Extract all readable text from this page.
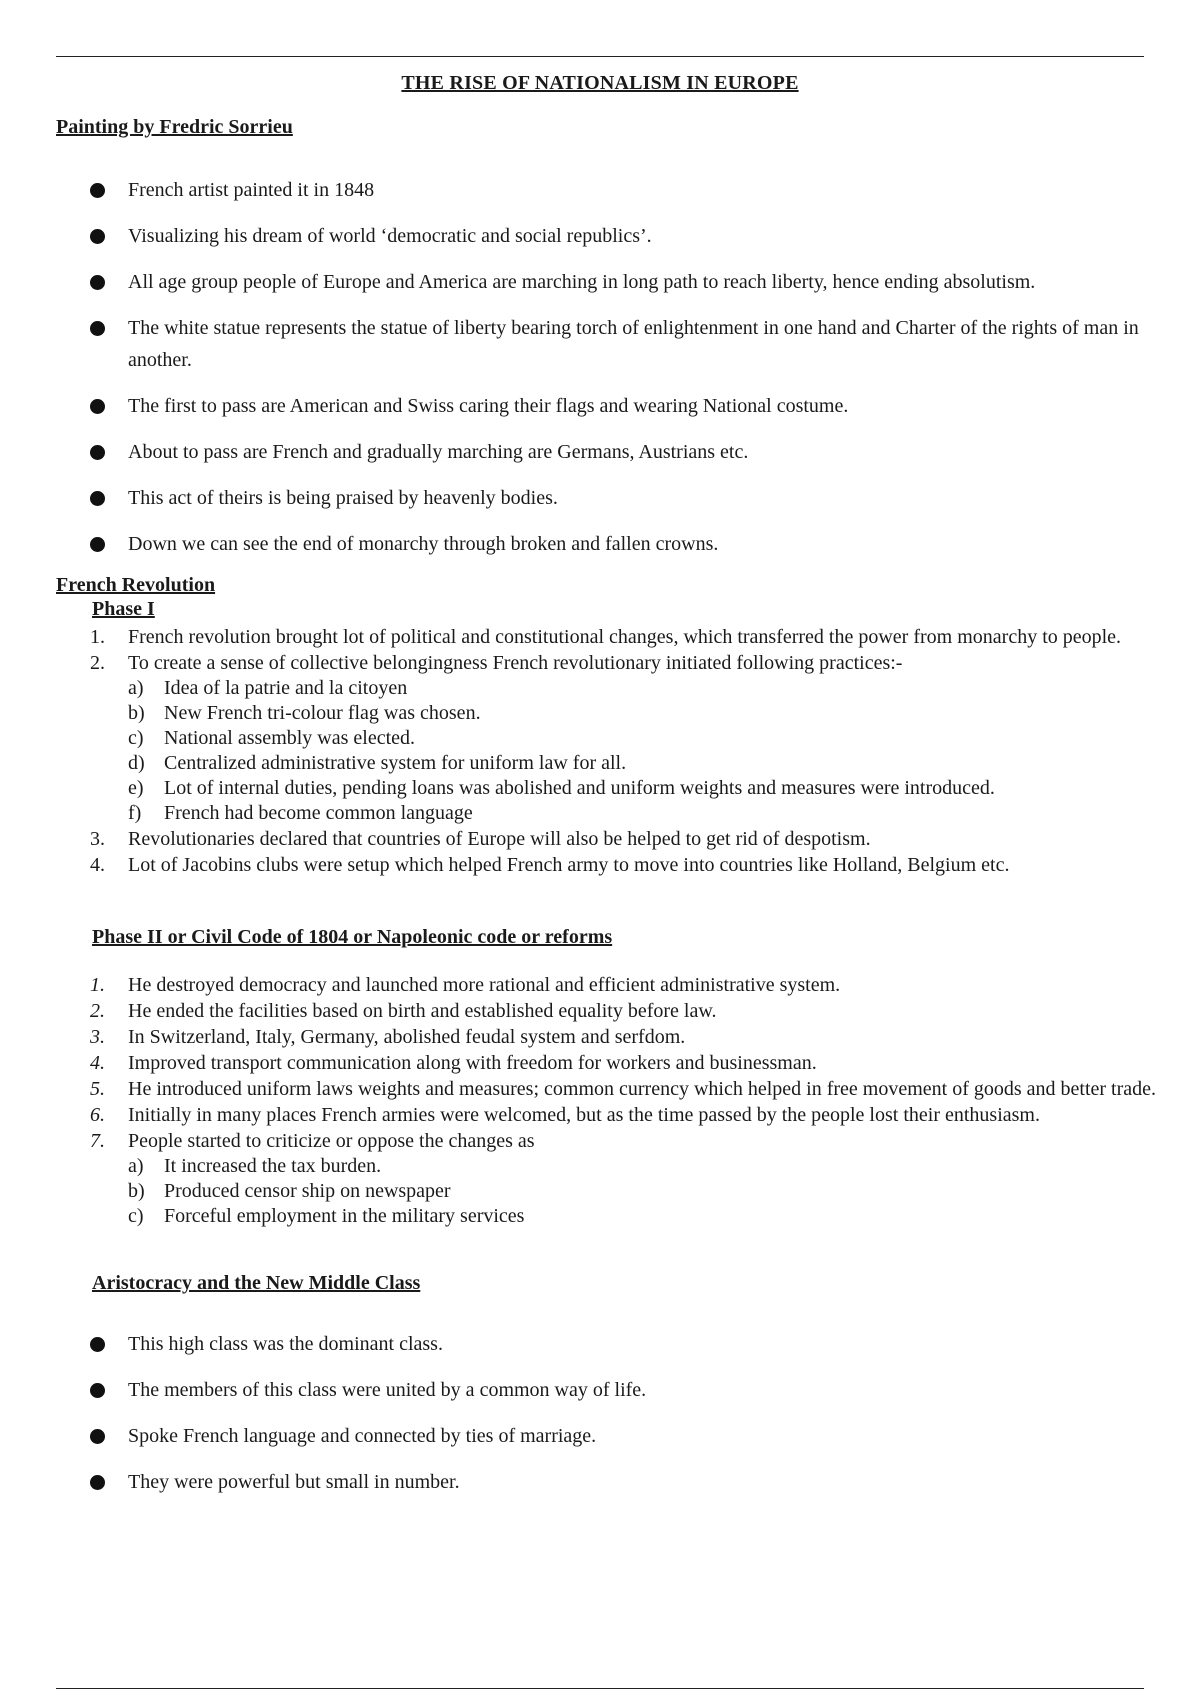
THE RISE OF NATIONALISM IN EUROPE
Painting by Fredric Sorrieu
French artist painted it in 1848
Visualizing his dream of world ‘democratic and social republics’.
All age group people of Europe and America are marching in long path to reach liberty, hence ending absolutism.
The white statue represents the statue of liberty bearing torch of enlightenment in one hand and Charter of the rights of man in another.
The first to pass are American and Swiss caring their flags and wearing National costume.
About to pass are French and gradually marching are Germans, Austrians etc.
This act of theirs is being praised by heavenly bodies.
Down we can see the end of monarchy through broken and fallen crowns.
French Revolution
Phase I
1. French revolution brought lot of political and constitutional changes, which transferred the power from monarchy to people.
2. To create a sense of collective belongingness French revolutionary initiated following practices:-
a) Idea of la patrie and la citoyen
b) New French tri-colour flag was chosen.
c) National assembly was elected.
d) Centralized administrative system for uniform law for all.
e) Lot of internal duties, pending loans was abolished and uniform weights and measures were introduced.
f) French had become common language
3. Revolutionaries declared that countries of Europe will also be helped to get rid of despotism.
4. Lot of Jacobins clubs were setup which helped French army to move into countries like Holland, Belgium etc.
Phase II or Civil Code of 1804 or Napoleonic code or reforms
1. He destroyed democracy and launched more rational and efficient administrative system.
2. He ended the facilities based on birth and established equality before law.
3. In Switzerland, Italy, Germany, abolished feudal system and serfdom.
4. Improved transport communication along with freedom for workers and businessman.
5. He introduced uniform laws weights and measures; common currency which helped in free movement of goods and better trade.
6. Initially in many places French armies were welcomed, but as the time passed by the people lost their enthusiasm.
7. People started to criticize or oppose the changes as
a) It increased the tax burden.
b) Produced censor ship on newspaper
c) Forceful employment in the military services
Aristocracy and the New Middle Class
This high class was the dominant class.
The members of this class were united by a common way of life.
Spoke French language and connected by ties of marriage.
They were powerful but small in number.
